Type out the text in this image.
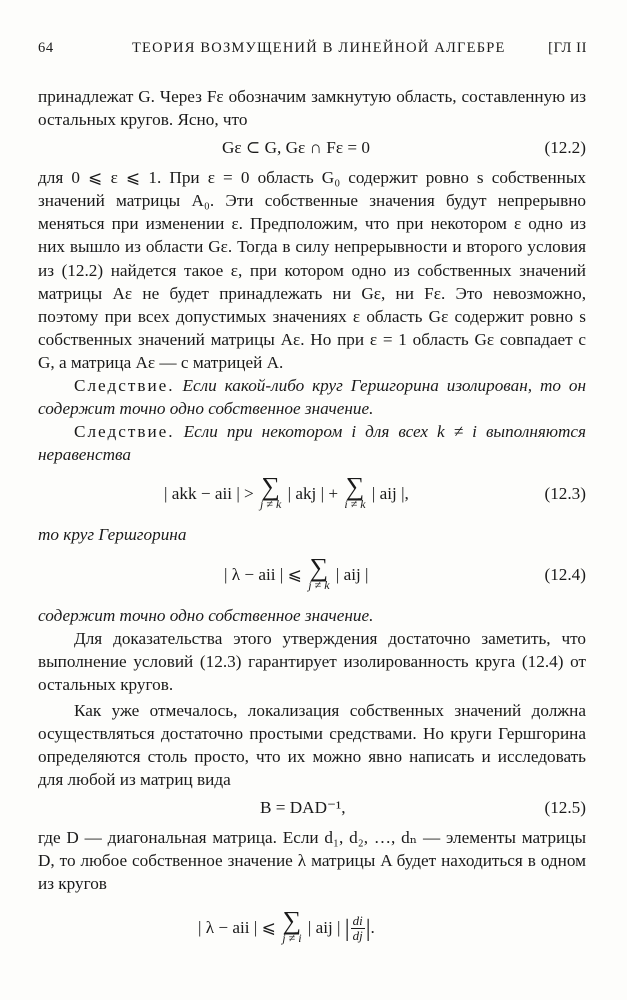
64	ТЕОРИЯ ВОЗМУЩЕНИЙ В ЛИНЕЙНОЙ АЛГЕБРЕ	[ГЛ II

принадлежат G. Через Fε обозначим замкнутую область, составленную из остальных кругов. Ясно, что

Gε ⊂ G, Gε ∩ Fε = 0	(12.2)

для 0 ⩽ ε ⩽ 1. При ε = 0 область G₀ содержит ровно s собственных значений матрицы A₀. Эти собственные значения будут непрерывно меняться при изменении ε. Предположим, что при некотором ε одно из них вышло из области Gε. Тогда в силу непрерывности и второго условия из (12.2) найдется такое ε, при котором одно из собственных значений матрицы Aε не будет принадлежать ни Gε, ни Fε. Это невозможно, поэтому при всех допустимых значениях ε область Gε содержит ровно s собственных значений матрицы Aε. Но при ε = 1 область Gε совпадает с G, а матрица Aε — с матрицей A.

Следствие. Если какой-либо круг Гершгорина изолирован, то он содержит точно одно собственное значение.

Следствие. Если при некотором i для всех k ≠ i выполняются неравенства

| akk − aii | > ∑
j ≠ k
| akj | + ∑
i ≠ k
| aij |,	(12.3)

то круг Гершгорина

| λ − aii | ⩽ ∑
j ≠ k
| aij |	(12.4)

содержит точно одно собственное значение.

Для доказательства этого утверждения достаточно заметить, что выполнение условий (12.3) гарантирует изолированность круга (12.4) от остальных кругов.

Как уже отмечалось, локализация собственных значений должна осуществляться достаточно простыми средствами. Но круги Гершгорина определяются столь просто, что их можно явно написать и исследовать для любой из матриц вида

B = DAD⁻¹,	(12.5)

где D — диагональная матрица. Если d₁, d₂, …, dₙ — элементы матрицы D, то любое собственное значение λ матрицы A будет находиться в одном из кругов

| λ − aii | ⩽ ∑
j ≠ i
| aij | | $\frac{di}{dj}$ |.
